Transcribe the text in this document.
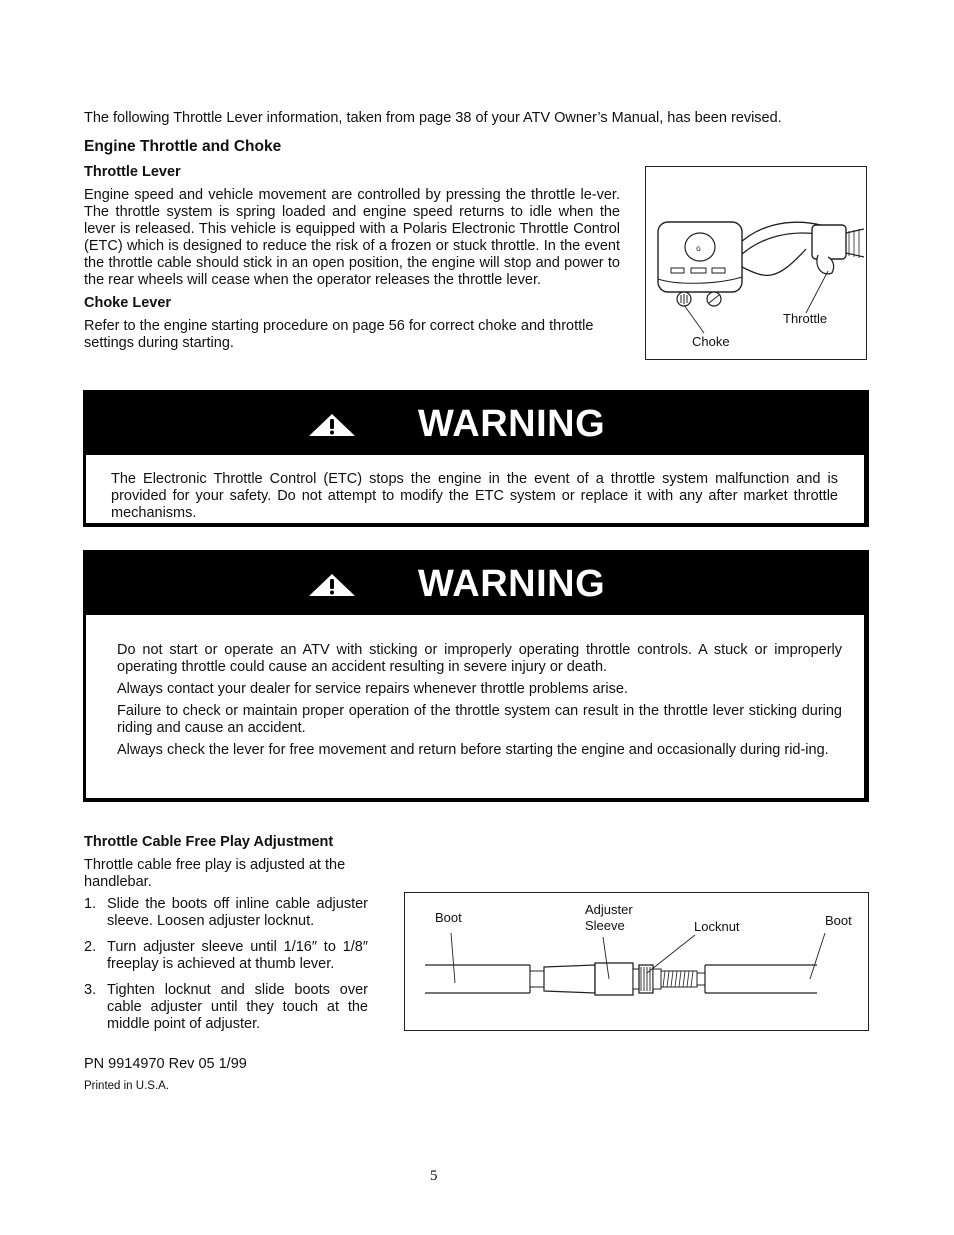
The following Throttle Lever information, taken from page 38 of your ATV Owner’s Manual, has been revised.
Engine Throttle and Choke
Throttle Lever
Engine speed and vehicle movement are controlled by pressing the throttle le-ver. The throttle system is spring loaded and engine speed returns to idle when the lever is released. This vehicle is equipped with a Polaris Electronic Throttle Control (ETC) which is designed to reduce the risk of a frozen or stuck throttle. In the event the throttle cable should stick in an open position, the engine will stop and power to the rear wheels will cease when the operator releases the throttle lever.
Choke Lever
Refer to the engine starting procedure on page 56 for correct choke and throttle settings during starting.
ɢ
Throttle
Choke
WARNING

The Electronic Throttle Control (ETC) stops the engine in the event of a throttle system malfunction and is provided for your safety. Do not attempt to modify the ETC system or replace it with any after market throttle mechanisms.

WARNING

Do not start or operate an ATV with sticking or improperly operating throttle controls. A stuck or improperly operating throttle could cause an accident resulting in severe injury or death.

Always contact your dealer for service repairs whenever throttle problems arise.

Failure to check or maintain proper operation of the throttle system can result in the throttle lever sticking during riding and cause an accident.

Always check the lever for free movement and return before starting the engine and occasionally during rid-ing.

Throttle Cable Free Play Adjustment
Throttle cable free play is adjusted at the handlebar.
1. Slide the boots off inline cable adjuster sleeve. Loosen adjuster locknut.
2. Turn adjuster sleeve until 1/16″ to 1/8″ freeplay is achieved at thumb lever.
3. Tighten locknut and slide boots over cable adjuster until they touch at the middle point of adjuster.
Boot
Adjuster
Sleeve	Locknut	Boot
PN 9914970 Rev 05 1/99
Printed in U.S.A.
5
